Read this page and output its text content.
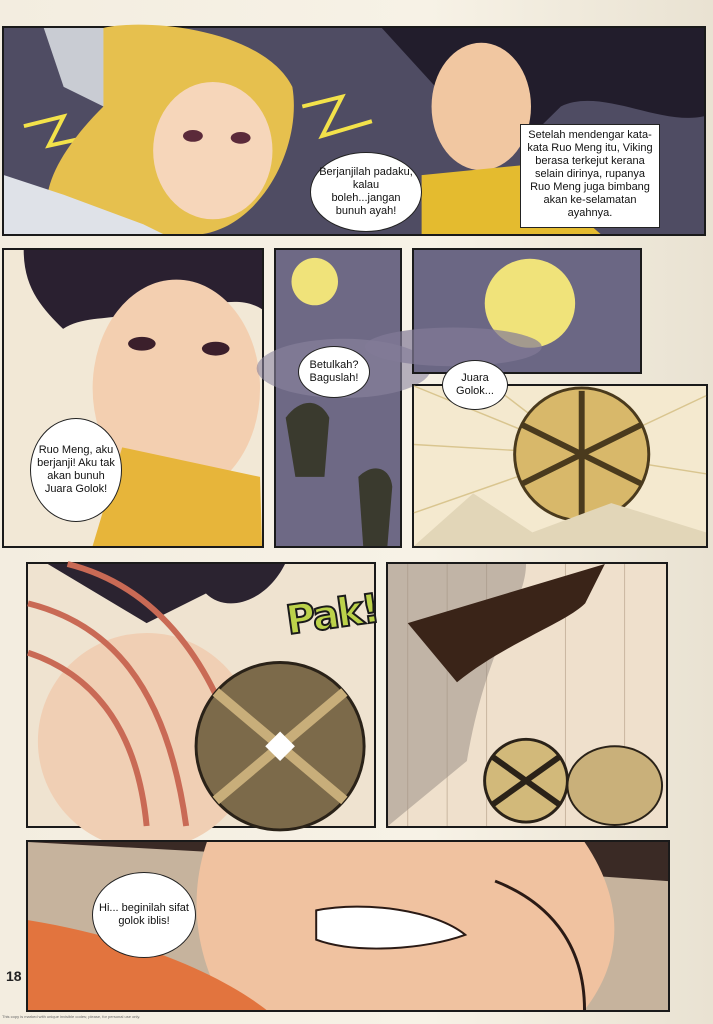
Berjanjilah padaku, kalau boleh...jangan bunuh ayah!
Setelah mendengar kata-kata Ruo Meng itu, Viking berasa terkejut kerana selain dirinya, rupanya Ruo Meng juga bimbang akan ke-selamatan ayahnya.
Ruo Meng, aku berjanji! Aku tak akan bunuh Juara Golok!
Betulkah? Baguslah!	Juara Golok...
Pak!
Hi... beginilah sifat golok iblis!
18
This copy is marked with unique invisible codes; please, for personal use only.
